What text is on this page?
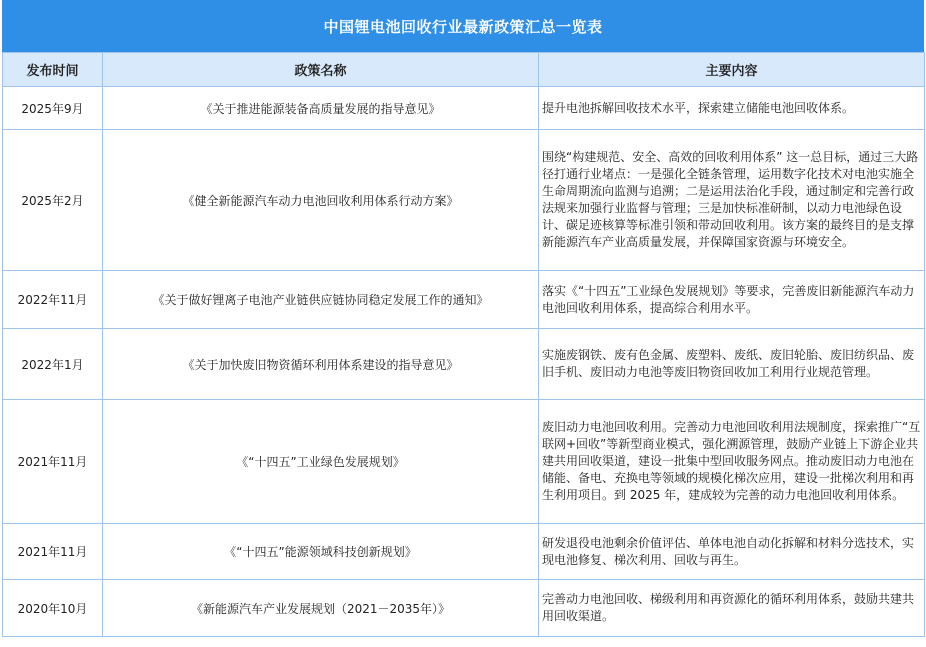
中国锂电池回收行业最新政策汇总一览表
发布时间	政策名称	主要内容
2025年9月	《关于推进能源装备高质量发展的指导意见》	提升电池拆解回收技术水平，探索建立储能电池回收体系。
2025年2月	《健全新能源汽车动力电池回收利用体系行动方案》	围绕“构建规范、安全、高效的回收利用体系” 这一总目标，通过三大路径打通行业堵点：一是强化全链条管理，运用数字化技术对电池实施全生命周期流向监测与追溯；二是运用法治化手段，通过制定和完善行政法规来加强行业监督与管理；三是加快标准研制，以动力电池绿色设计、碳足迹核算等标准引领和带动回收利用。该方案的最终目的是支撑新能源汽车产业高质量发展，并保障国家资源与环境安全。
2022年11月	《关于做好锂离子电池产业链供应链协同稳定发展工作的通知》	落实《“十四五”工业绿色发展规划》等要求，完善废旧新能源汽车动力电池回收利用体系，提高综合利用水平。
2022年1月	《关于加快废旧物资循环利用体系建设的指导意见》	实施废钢铁、废有色金属、废塑料、废纸、废旧轮胎、废旧纺织品、废旧手机、废旧动力电池等废旧物资回收加工利用行业规范管理。
2021年11月	《“十四五”工业绿色发展规划》	废旧动力电池回收利用。完善动力电池回收利用法规制度，探索推广“互联网+回收”等新型商业模式，强化溯源管理，鼓励产业链上下游企业共建共用回收渠道，建设一批集中型回收服务网点。推动废旧动力电池在储能、备电、充换电等领域的规模化梯次应用，建设一批梯次利用和再生利用项目。到 2025 年，建成较为完善的动力电池回收利用体系。
2021年11月	《“十四五”能源领域科技创新规划》	研发退役电池剩余价值评估、单体电池自动化拆解和材料分选技术，实现电池修复、梯次利用、回收与再生。
2020年10月	《新能源汽车产业发展规划（2021－2035年）》	完善动力电池回收、梯级利用和再资源化的循环利用体系，鼓励共建共用回收渠道。
